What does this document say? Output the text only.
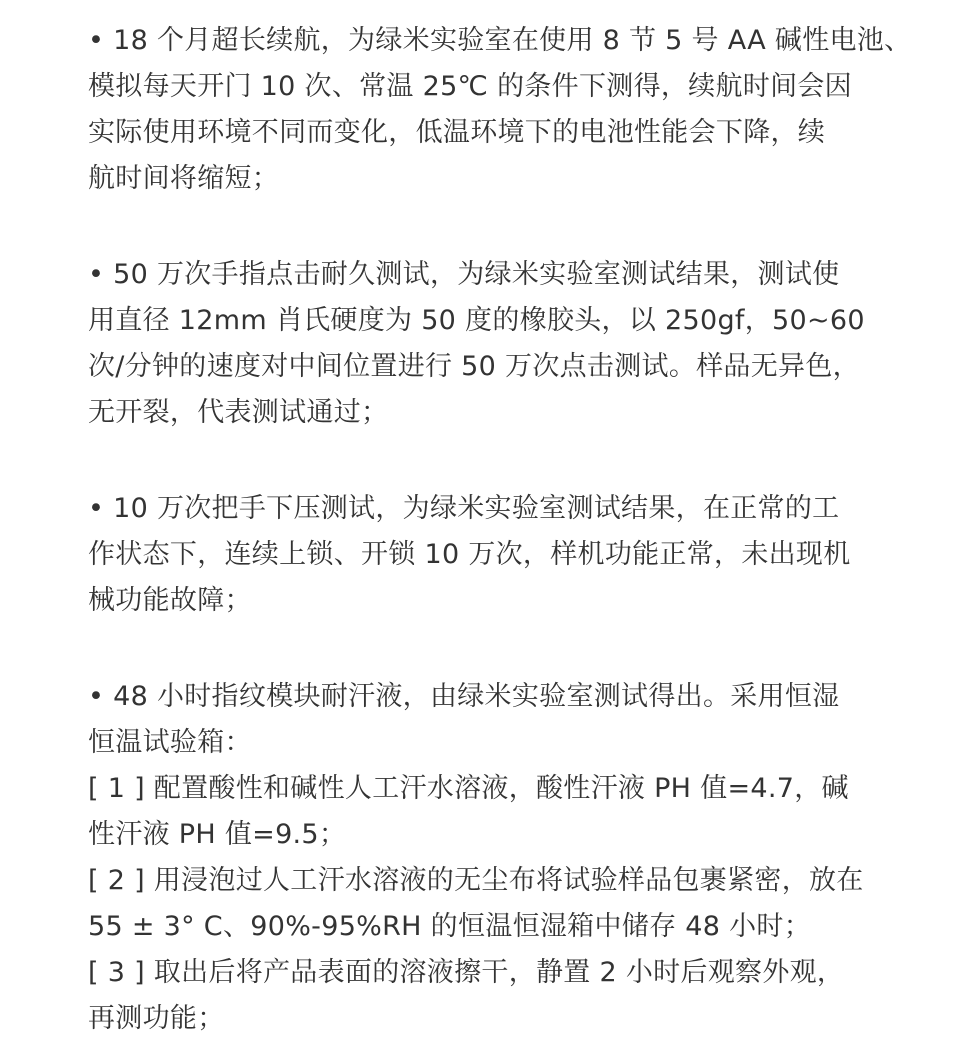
• 18 个月超长续航，为绿米实验室在使用 8 节 5 号 AA 碱性电池、
模拟每天开门 10 次、常温 25℃ 的条件下测得，续航时间会因
实际使用环境不同而变化，低温环境下的电池性能会下降，续
航时间将缩短；
• 50 万次手指点击耐久测试，为绿米实验室测试结果，测试使
用直径 12mm 肖氏硬度为 50 度的橡胶头，以 250gf，50~60
次/分钟的速度对中间位置进行 50 万次点击测试。样品无异色，
无开裂，代表测试通过；
• 10 万次把手下压测试，为绿米实验室测试结果，在正常的工
作状态下，连续上锁、开锁 10 万次，样机功能正常，未出现机
械功能故障；
• 48 小时指纹模块耐汗液，由绿米实验室测试得出。采用恒湿
恒温试验箱：
[ 1 ] 配置酸性和碱性人工汗水溶液，酸性汗液 PH 值=4.7，碱
性汗液 PH 值=9.5；
[ 2 ] 用浸泡过人工汗水溶液的无尘布将试验样品包裹紧密，放在
55 ± 3° C、90%-95%RH 的恒温恒湿箱中储存 48 小时；
[ 3 ] 取出后将产品表面的溶液擦干，静置 2 小时后观察外观，
再测功能；
